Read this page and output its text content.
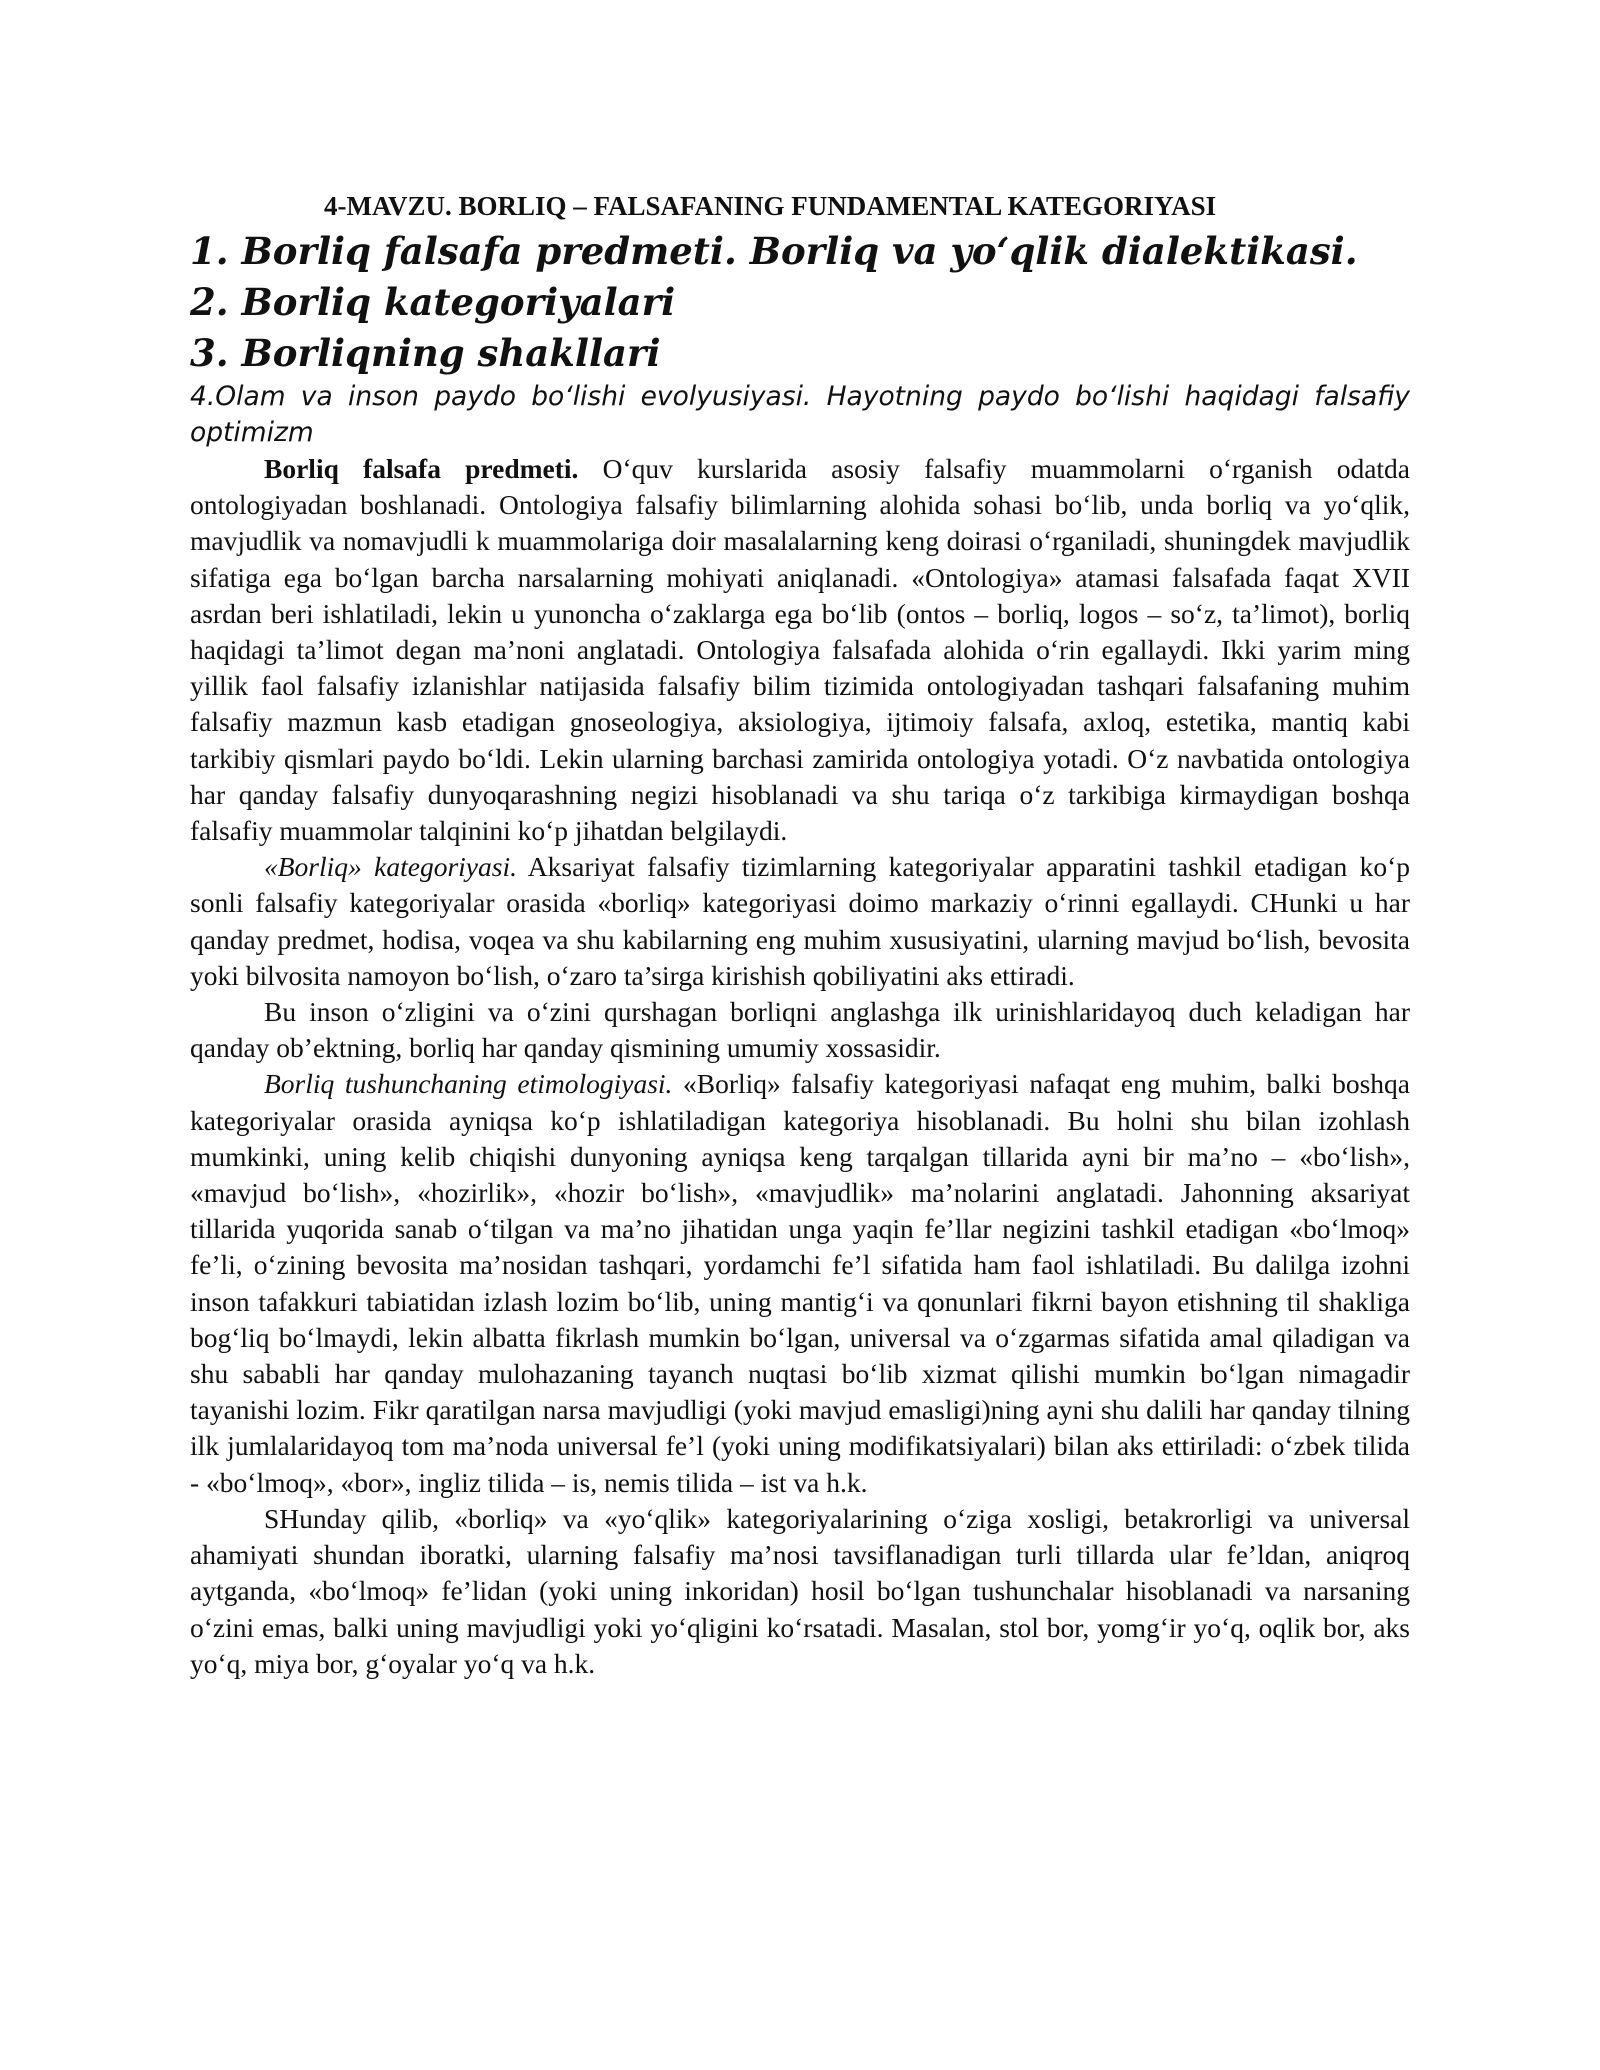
4-MAVZU. BORLIQ – FALSAFANING FUNDAMENTAL KATEGORIYASI

1. Borliq falsafa predmeti. Borliq va yo‘qlik dialektikasi.

2. Borliq kategoriyalari

3. Borliqning shakllari

4.Olam va inson paydo bo‘lishi evolyusiyasi. Hayotning paydo bo‘lishi haqidagi falsafiy optimizm

Borliq falsafa predmeti. O‘quv kurslarida asosiy falsafiy muammolarni o‘rganish odatda ontologiyadan boshlanadi. Ontologiya falsafiy bilimlarning alohida sohasi bo‘lib, unda borliq va yo‘qlik, mavjudlik va nomavjudli k muammolariga doir masalalarning keng doirasi o‘rganiladi, shuningdek mavjudlik sifatiga ega bo‘lgan barcha narsalarning mohiyati aniqlanadi. «Ontologiya» atamasi falsafada faqat XVII asrdan beri ishlatiladi, lekin u yunoncha o‘zaklarga ega bo‘lib (ontos – borliq, logos – so‘z, ta’limot), borliq haqidagi ta’limot degan ma’noni anglatadi. Ontologiya falsafada alohida o‘rin egallaydi. Ikki yarim ming yillik faol falsafiy izlanishlar natijasida falsafiy bilim tizimida ontologiyadan tashqari falsafaning muhim falsafiy mazmun kasb etadigan gnoseologiya, aksiologiya, ijtimoiy falsafa, axloq, estetika, mantiq kabi tarkibiy qismlari paydo bo‘ldi. Lekin ularning barchasi zamirida ontologiya yotadi. O‘z navbatida ontologiya har qanday falsafiy dunyoqarashning negizi hisoblanadi va shu tariqa o‘z tarkibiga kirmaydigan boshqa falsafiy muammolar talqinini ko‘p jihatdan belgilaydi.

«Borliq» kategoriyasi. Aksariyat falsafiy tizimlarning kategoriyalar apparatini tashkil etadigan ko‘p sonli falsafiy kategoriyalar orasida «borliq» kategoriyasi doimo markaziy o‘rinni egallaydi. CHunki u har qanday predmet, hodisa, voqea va shu kabilarning eng muhim xususiyatini, ularning mavjud bo‘lish, bevosita yoki bilvosita namoyon bo‘lish, o‘zaro ta’sirga kirishish qobiliyatini aks ettiradi.

Bu inson o‘zligini va o‘zini qurshagan borliqni anglashga ilk urinishlaridayoq duch keladigan har qanday ob’ektning, borliq har qanday qismining umumiy xossasidir.

Borliq tushunchaning etimologiyasi. «Borliq» falsafiy kategoriyasi nafaqat eng muhim, balki boshqa kategoriyalar orasida ayniqsa ko‘p ishlatiladigan kategoriya hisoblanadi. Bu holni shu bilan izohlash mumkinki, uning kelib chiqishi dunyoning ayniqsa keng tarqalgan tillarida ayni bir ma’no – «bo‘lish», «mavjud bo‘lish», «hozirlik», «hozir bo‘lish», «mavjudlik» ma’nolarini anglatadi. Jahonning aksariyat tillarida yuqorida sanab o‘tilgan va ma’no jihatidan unga yaqin fe’llar negizini tashkil etadigan «bo‘lmoq» fe’li, o‘zining bevosita ma’nosidan tashqari, yordamchi fe’l sifatida ham faol ishlatiladi. Bu dalilga izohni inson tafakkuri tabiatidan izlash lozim bo‘lib, uning mantig‘i va qonunlari fikrni bayon etishning til shakliga bog‘liq bo‘lmaydi, lekin albatta fikrlash mumkin bo‘lgan, universal va o‘zgarmas sifatida amal qiladigan va shu sababli har qanday mulohazaning tayanch nuqtasi bo‘lib xizmat qilishi mumkin bo‘lgan nimagadir tayanishi lozim. Fikr qaratilgan narsa mavjudligi (yoki mavjud emasligi)ning ayni shu dalili har qanday tilning ilk jumlalaridayoq tom ma’noda universal fe’l (yoki uning modifikatsiyalari) bilan aks ettiriladi: o‘zbek tilida - «bo‘lmoq», «bor», ingliz tilida – is, nemis tilida – ist va h.k.

SHunday qilib, «borliq» va «yo‘qlik» kategoriyalarining o‘ziga xosligi, betakrorligi va universal ahamiyati shundan iboratki, ularning falsafiy ma’nosi tavsiflanadigan turli tillarda ular fe’ldan, aniqroq aytganda, «bo‘lmoq» fe’lidan (yoki uning inkoridan) hosil bo‘lgan tushunchalar hisoblanadi va narsaning o‘zini emas, balki uning mavjudligi yoki yo‘qligini ko‘rsatadi. Masalan, stol bor, yomg‘ir yo‘q, oqlik bor, aks yo‘q, miya bor, g‘oyalar yo‘q va h.k.
